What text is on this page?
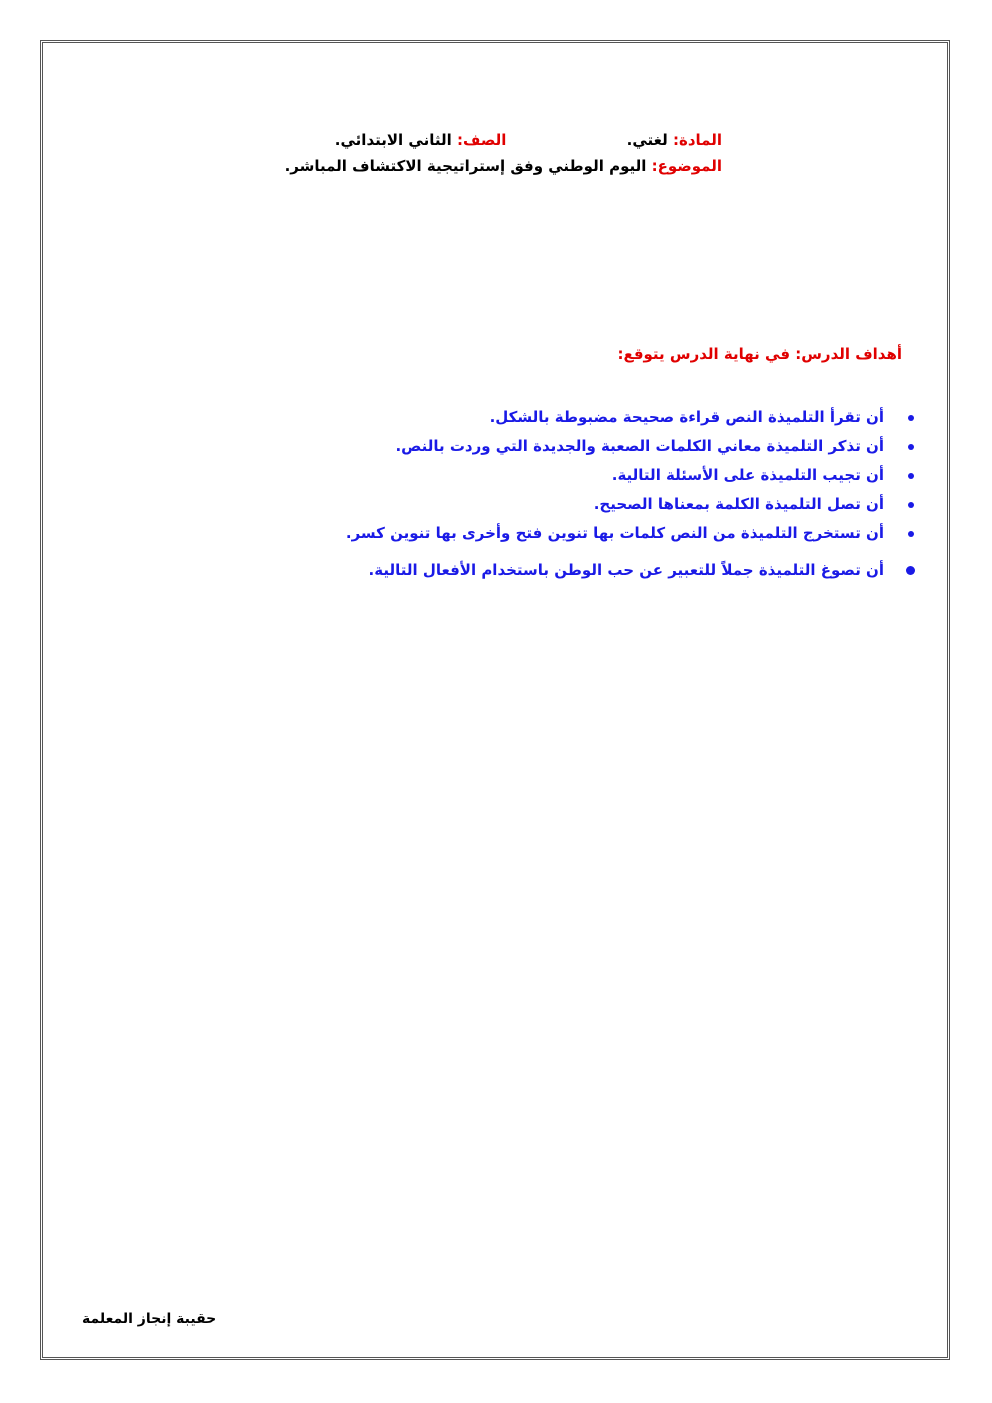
المادة: لغتي. الصف: الثاني الابتدائي.
الموضوع: اليوم الوطني وفق إستراتيجية الاكتشاف المباشر.
أهداف الدرس: في نهاية الدرس يتوقع:
أن تقرأ التلميذة النص قراءة صحيحة مضبوطة بالشكل.
أن تذكر التلميذة معاني الكلمات الصعبة والجديدة التي وردت بالنص.
أن تجيب التلميذة على الأسئلة التالية.
أن تصل التلميذة الكلمة بمعناها الصحيح.
أن تستخرج التلميذة من النص كلمات بها تنوين فتح وأخرى بها تنوين كسر.
أن تصوغ التلميذة جملاً للتعبير عن حب الوطن باستخدام الأفعال التالية.
حقيبة إنجاز المعلمة
